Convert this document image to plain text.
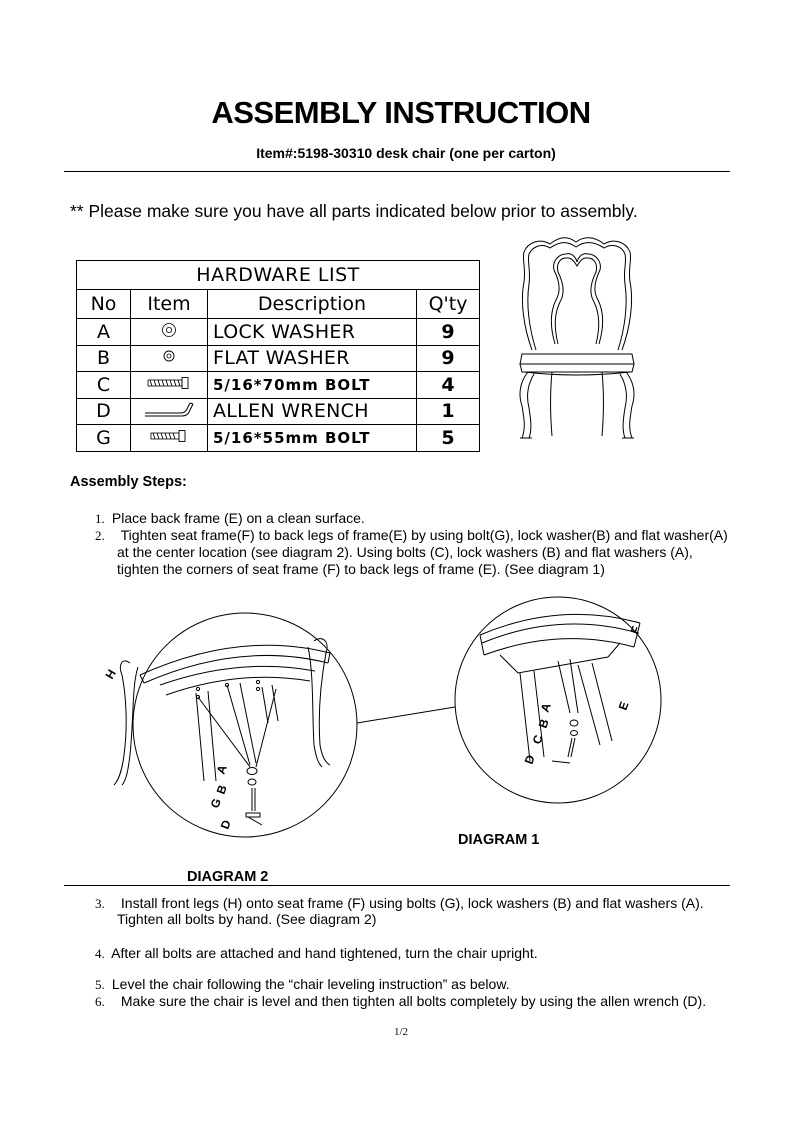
ASSEMBLY INSTRUCTION
Item#:5198-30310 desk chair (one per carton)
** Please make sure you have all parts indicated below prior to assembly.
HARDWARE LIST			
No	Item	Description	Q'ty
A		LOCK WASHER	9
B		FLAT WASHER	9
C		5/16*70mm BOLT	4
D		ALLEN WRENCH	1
G		5/16*55mm BOLT	5
Assembly Steps:
1. Place back frame (E) on a clean surface.
2. Tighten seat frame(F) to back legs of frame(E) by using bolt(G), lock washer(B) and flat washer(A)
at the center location (see diagram 2). Using bolts (C), lock washers (B) and flat washers (A),
tighten the corners of seat frame (F) to back legs of frame (E). (See diagram 1)
H
A
B
G
D
F
E
A
B
C
D
DIAGRAM 1
DIAGRAM 2
3. Install front legs (H) onto seat frame (F) using bolts (G), lock washers (B) and flat washers (A).
Tighten all bolts by hand. (See diagram 2)
4. After all bolts are attached and hand tightened, turn the chair upright.
5. Level the chair following the “chair leveling instruction” as below.
6. Make sure the chair is level and then tighten all bolts completely by using the allen wrench (D).
1/2
